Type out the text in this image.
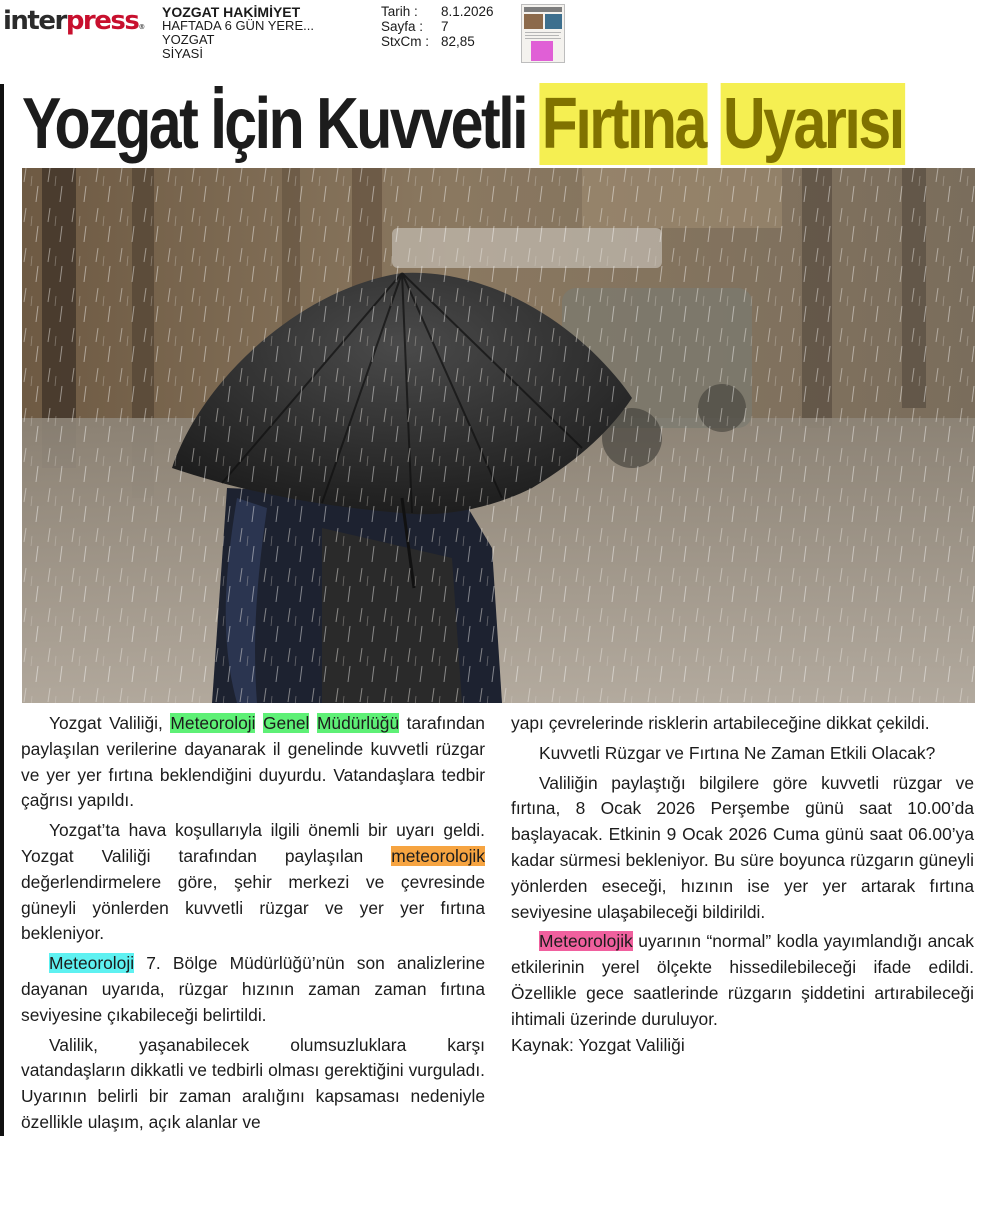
interpress®
YOZGAT HAKİMİYET
HAFTADA 6 GÜN YERE...
YOZGAT
SİYASİ
Tarih :	8.1.2026
Sayfa :	7
StxCm : 82,85
Yozgat İçin Kuvvetli Fırtına Uyarısı

Yozgat Valiliği, Meteoroloji Genel Müdürlüğü tarafından paylaşılan verilerine dayanarak il genelinde kuvvetli rüzgar ve yer yer fırtına beklendiğini duyurdu. Vatandaşlara tedbir çağrısı yapıldı.

Yozgat’ta hava koşullarıyla ilgili önemli bir uyarı geldi. Yozgat Valiliği tarafından paylaşılan meteorolojik değerlendirmelere göre, şehir merkezi ve çevresinde güneyli yönlerden kuvvetli rüzgar ve yer yer fırtına bekleniyor.

Meteoroloji 7. Bölge Müdürlüğü’nün son analizlerine dayanan uyarıda, rüzgar hızının zaman zaman fırtına seviyesine çıkabileceği belirtildi.

Valilik, yaşanabilecek olumsuzluklara karşı vatandaşların dikkatli ve tedbirli olması gerektiğini vurguladı. Uyarının belirli bir zaman aralığını kapsaması nedeniyle özellikle ulaşım, açık alanlar ve

yapı çevrelerinde risklerin artabileceğine dikkat çekildi.

Kuvvetli Rüzgar ve Fırtına Ne Zaman Etkili Olacak?

Valiliğin paylaştığı bilgilere göre kuvvetli rüzgar ve fırtına, 8 Ocak 2026 Perşembe günü saat 10.00’da başlayacak. Etkinin 9 Ocak 2026 Cuma günü saat 06.00’ya kadar sürmesi bekleniyor. Bu süre boyunca rüzgarın güneyli yönlerden eseceği, hızının ise yer yer artarak fırtına seviyesine ulaşabileceği bildirildi.

Meteorolojik uyarının “normal” kodla yayımlandığı ancak etkilerinin yerel ölçekte hissedilebileceği ifade edildi. Özellikle gece saatlerinde rüzgarın şiddetini artırabileceği ihtimali üzerinde duruluyor.
Kaynak: Yozgat Valiliği
